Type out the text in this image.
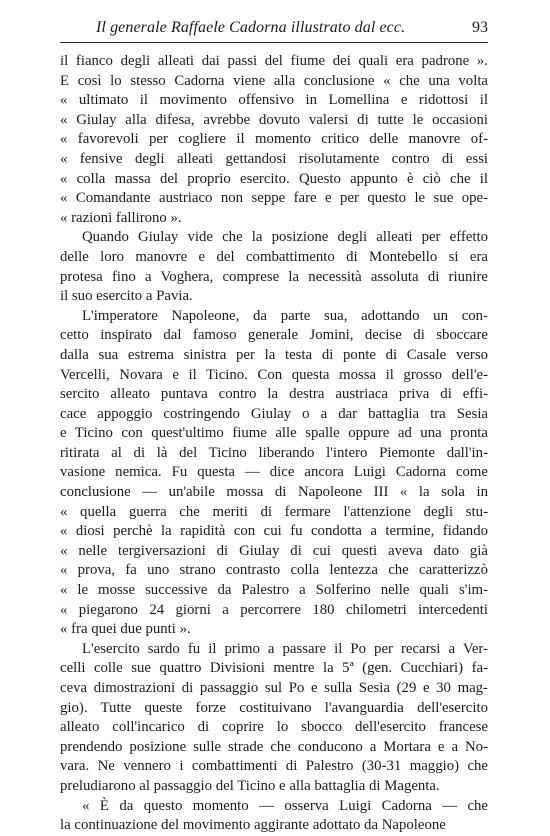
Il generale Raffaele Cadorna illustrato dal ecc.	93
il fianco degli alleati dai passi del fiume dei quali era padrone ».
E così lo stesso Cadorna viene alla conclusione « che una volta
« ultimato il movimento offensivo in Lomellina e ridottosi il
« Giulay alla difesa, avrebbe dovuto valersi di tutte le occasioni
« favorevoli per cogliere il momento critico delle manovre of-
« fensive degli alleati gettandosi risolutamente contro di essi
« colla massa del proprio esercito. Questo appunto è ciò che il
« Comandante austriaco non seppe fare e per questo le sue ope-
« razioni fallirono ».
Quando Giulay vide che la posizione degli alleati per effetto
delle loro manovre e del combattimento di Montebello si era
protesa fino a Voghera, comprese la necessità assoluta di riunire
il suo esercito a Pavia.
L'imperatore Napoleone, da parte sua, adottando un con-
cetto inspirato dal famoso generale Jomini, decise di sboccare
dalla sua estrema sinistra per la testa di ponte di Casale verso
Vercelli, Novara e il Ticino. Con questa mossa il grosso dell'e-
sercito alleato puntava contro la destra austriaca priva di effi-
cace appoggio costringendo Giulay o a dar battaglia tra Sesia
e Ticino con quest'ultimo fiume alle spalle oppure ad una pronta
ritirata al di là del Ticino liberando l'intero Piemonte dall'in-
vasione nemica. Fu questa — dice ancora Luigi Cadorna come
conclusione — un'abile mossa di Napoleone III « la sola in
« quella guerra che meriti di fermare l'attenzione degli stu-
« diosi perchè la rapidità con cui fu condotta a termine, fidando
« nelle tergiversazioni di Giulay di cui questi aveva dato già
« prova, fa uno strano contrasto colla lentezza che caratterizzò
« le mosse successive da Palestro a Solferino nelle quali s'im-
« piegarono 24 giorni a percorrere 180 chilometri intercedenti
« fra quei due punti ».
L'esercito sardo fu il primo a passare il Po per recarsi a Ver-
celli colle sue quattro Divisioni mentre la 5ª (gen. Cucchiari) fa-
ceva dimostrazioni di passaggio sul Po e sulla Sesia (29 e 30 mag-
gio). Tutte queste forze costituivano l'avanguardia dell'esercito
alleato coll'incarico di coprire lo sbocco dell'esercito francese
prendendo posizione sulle strade che conducono a Mortara e a No-
vara. Ne vennero i combattimenti di Palestro (30-31 maggio) che
preludiarono al passaggio del Ticino e alla battaglia di Magenta.
« È da questo momento — osserva Luigi Cadorna — che
la continuazione del movimento aggirante adottato da Napoleone
